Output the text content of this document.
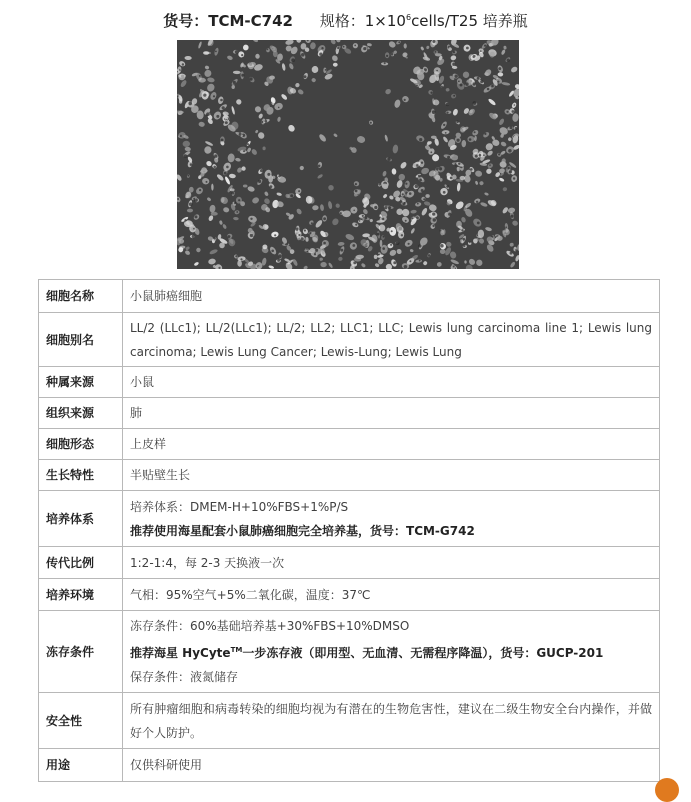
货号：TCM-C742 规格：$1\times 10^6cells/T25$ 培养瓶
细胞名称	小鼠肺癌细胞
细胞别名	LL/2 (LLc1); LL/2(LLc1); LL/2; LL2; LLC1; LLC; Lewis lung carcinoma line 1; Lewis lung carcinoma; Lewis Lung Cancer; Lewis-Lung; Lewis Lung

种属来源	小鼠
组织来源	肺
细胞形态	上皮样
生长特性	半贴壁生长
培养体系	培养体系：DMEM-H+10%FBS+1%P/S
推荐使用海星配套小鼠肺癌细胞完全培养基，货号：TCM-G742

传代比例	1:2-1:4，每 2-3 天换液一次
培养环境	气相：95%空气+5%二氧化碳，温度：37℃
冻存条件	冻存条件：60%基础培养基+30%FBS+10%DMSO
推荐海星 HyCyte™一步冻存液（即用型、无血清、无需程序降温），货号：GUCP-201
保存条件：液氮储存

安全性	所有肿瘤细胞和病毒转染的细胞均视为有潜在的生物危害性，建议在二级生物安全台内操作，并做好个人防护。

用途	仅供科研使用
